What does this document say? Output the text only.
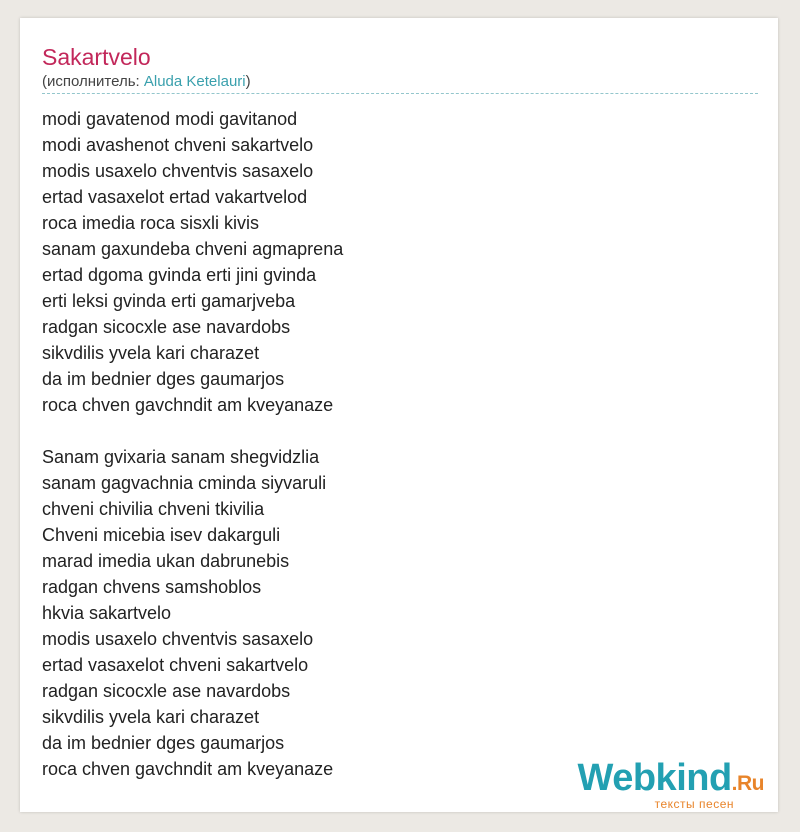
Sakartvelo
(исполнитель: Aluda Ketelauri)
modi gavatenod modi gavitanod
modi avashenot chveni sakartvelo
modis usaxelo chventvis sasaxelo
ertad vasaxelot ertad vakartvelod
roca imedia roca sisxli kivis
sanam gaxundeba chveni agmaprena
ertad dgoma gvinda erti jini gvinda
erti leksi gvinda erti gamarjveba
radgan sicocxle ase navardobs
sikvdilis yvela kari charazet
da im bednier dges gaumarjos
roca chven gavchndit am kveyanaze
Sanam gvixaria sanam shegvidzlia
sanam gagvachnia cminda siyvaruli
chveni chivilia chveni tkivilia
Chveni micebia isev dakarguli
marad imedia ukan dabrunebis
radgan chvens samshoblos
hkvia sakartvelo
modis usaxelo chventvis sasaxelo
ertad vasaxelot chveni sakartvelo
radgan sicocxle ase navardobs
sikvdilis yvela kari charazet
da im bednier dges gaumarjos
roca chven gavchndit am kveyanaze	Webkind.Ru
тексты песен
